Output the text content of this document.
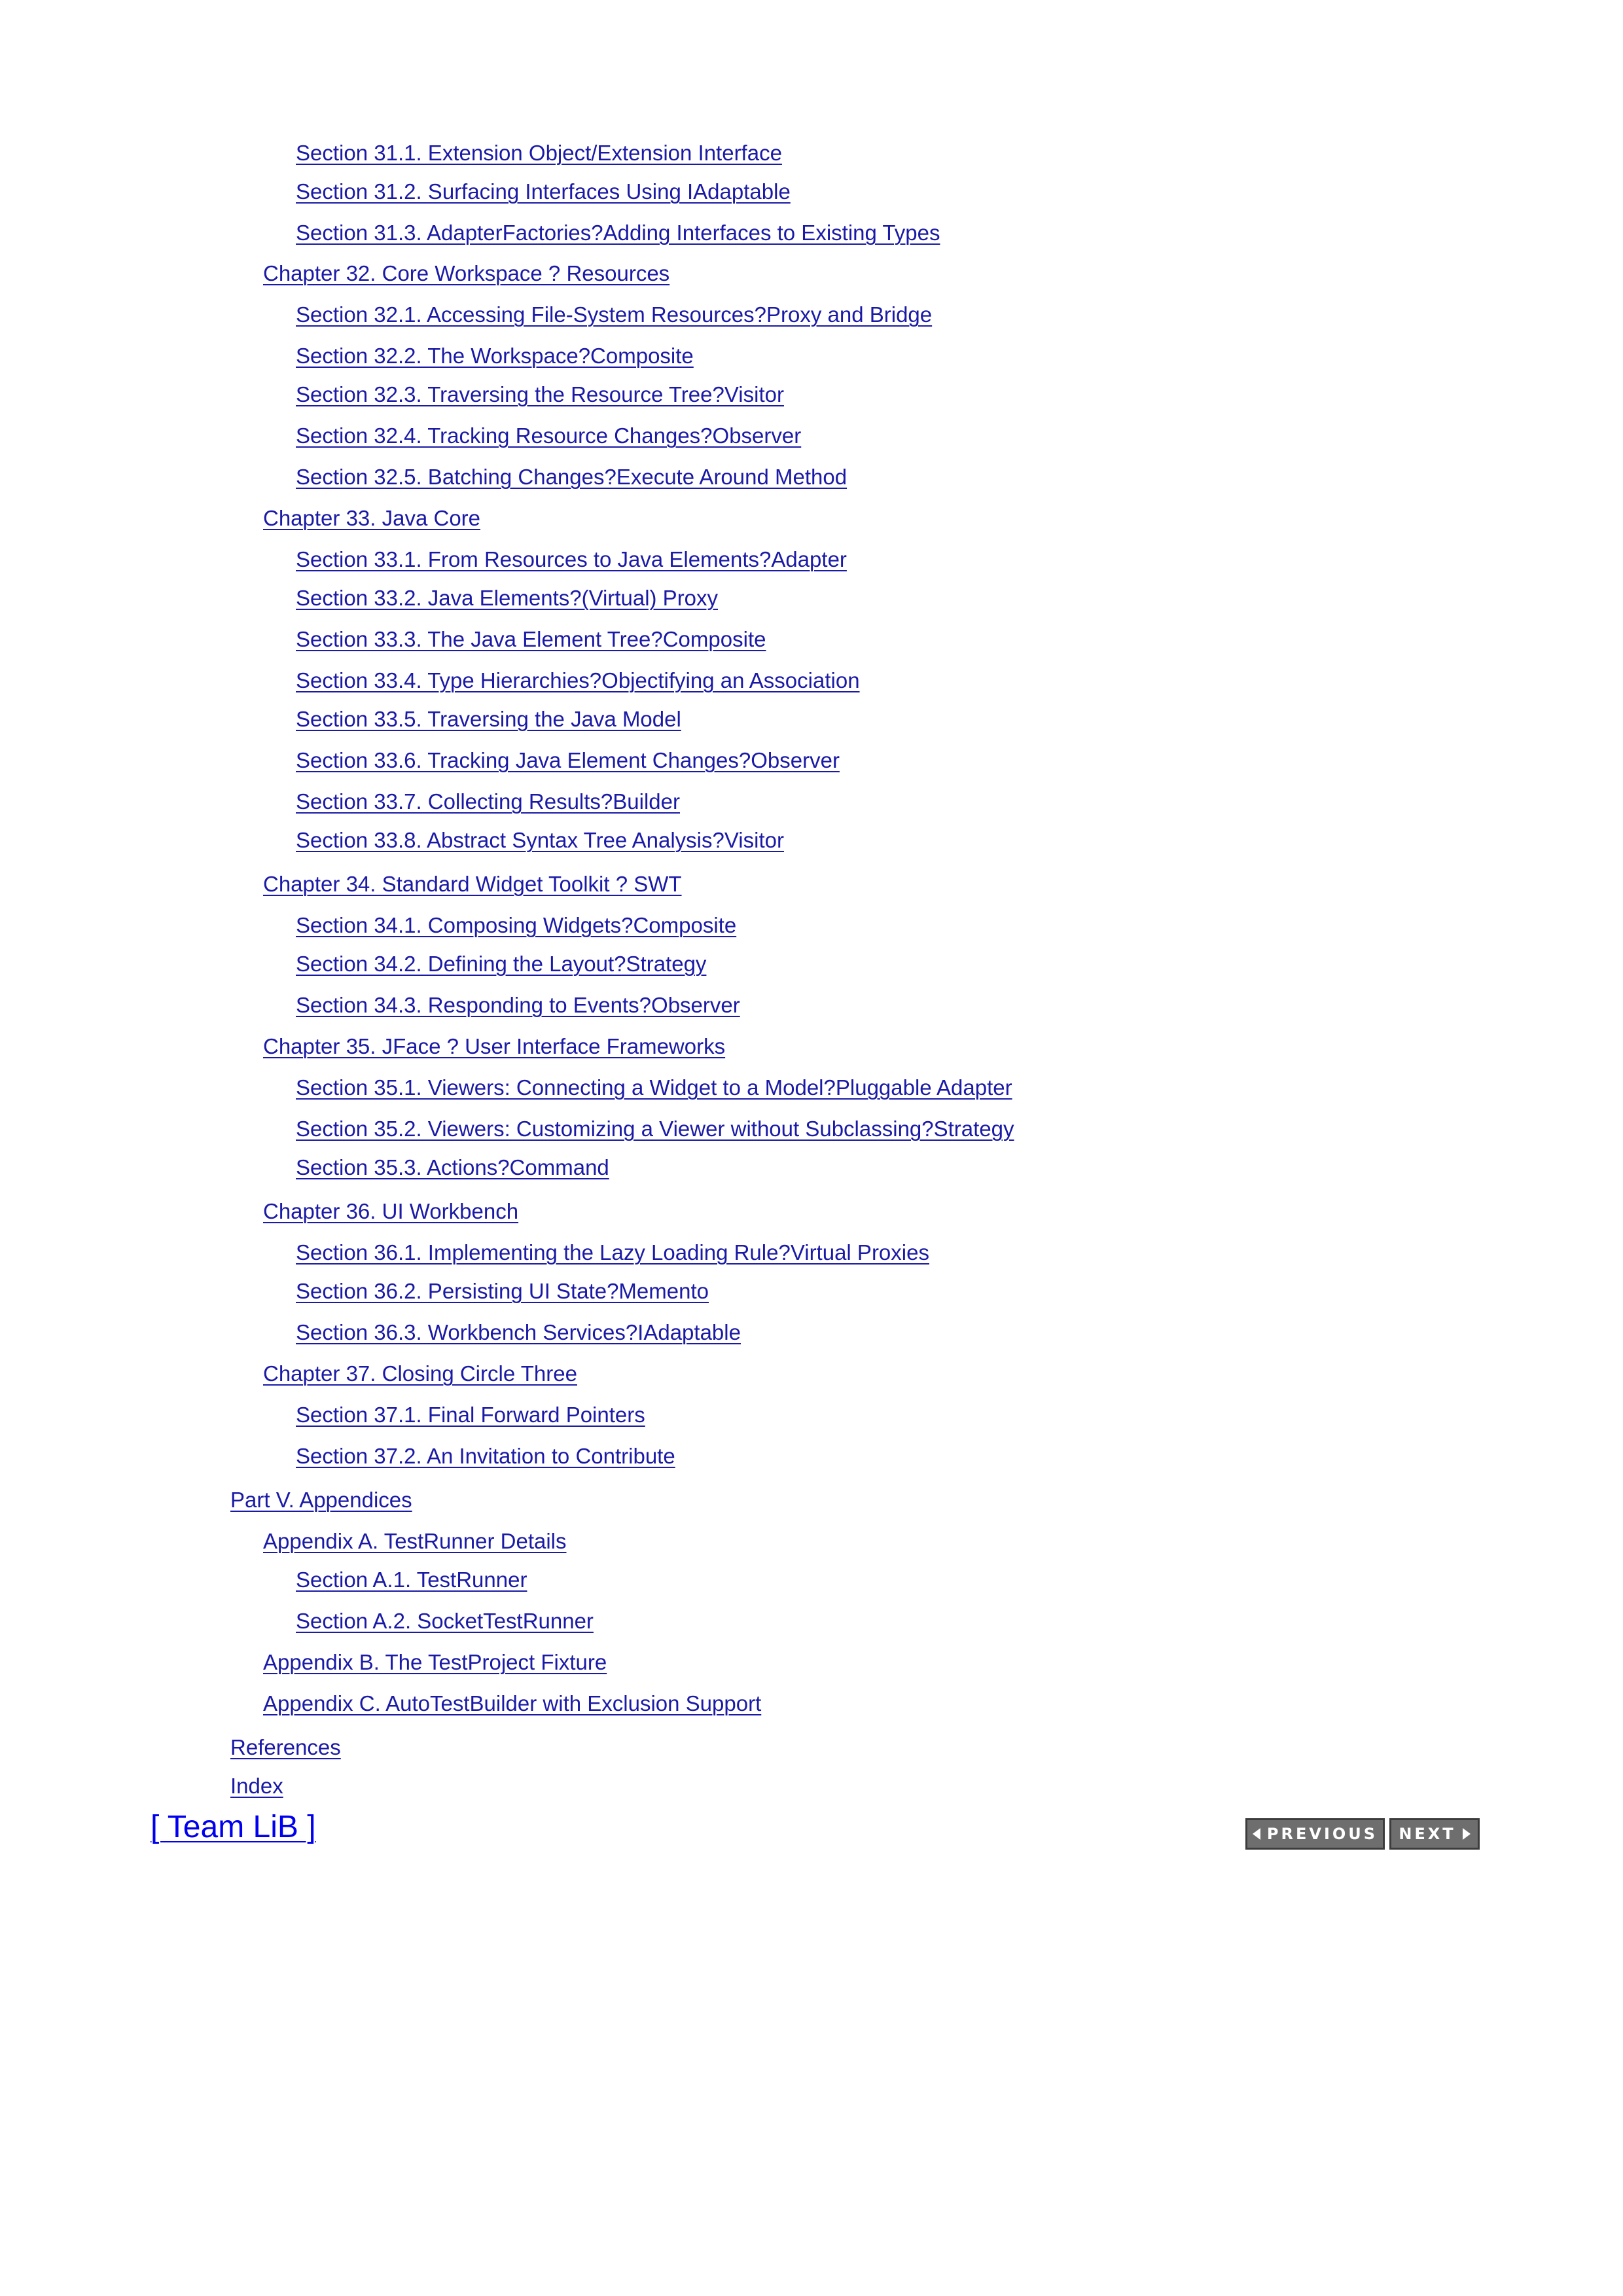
Section 31.1. Extension Object/Extension Interface
Section 31.2. Surfacing Interfaces Using IAdaptable
Section 31.3. AdapterFactories?Adding Interfaces to Existing Types
Chapter 32. Core Workspace ? Resources
Section 32.1. Accessing File-System Resources?Proxy and Bridge
Section 32.2. The Workspace?Composite
Section 32.3. Traversing the Resource Tree?Visitor
Section 32.4. Tracking Resource Changes?Observer
Section 32.5. Batching Changes?Execute Around Method
Chapter 33. Java Core
Section 33.1. From Resources to Java Elements?Adapter
Section 33.2. Java Elements?(Virtual) Proxy
Section 33.3. The Java Element Tree?Composite
Section 33.4. Type Hierarchies?Objectifying an Association
Section 33.5. Traversing the Java Model
Section 33.6. Tracking Java Element Changes?Observer
Section 33.7. Collecting Results?Builder
Section 33.8. Abstract Syntax Tree Analysis?Visitor
Chapter 34. Standard Widget Toolkit ? SWT
Section 34.1. Composing Widgets?Composite
Section 34.2. Defining the Layout?Strategy
Section 34.3. Responding to Events?Observer
Chapter 35. JFace ? User Interface Frameworks
Section 35.1. Viewers: Connecting a Widget to a Model?Pluggable Adapter
Section 35.2. Viewers: Customizing a Viewer without Subclassing?Strategy
Section 35.3. Actions?Command
Chapter 36. UI Workbench
Section 36.1. Implementing the Lazy Loading Rule?Virtual Proxies
Section 36.2. Persisting UI State?Memento
Section 36.3. Workbench Services?IAdaptable
Chapter 37. Closing Circle Three
Section 37.1. Final Forward Pointers
Section 37.2. An Invitation to Contribute
Part V. Appendices
Appendix A. TestRunner Details
Section A.1. TestRunner
Section A.2. SocketTestRunner
Appendix B. The TestProject Fixture
Appendix C. AutoTestBuilder with Exclusion Support
References
Index
[ Team LiB ]	PREVIOUS NEXT
